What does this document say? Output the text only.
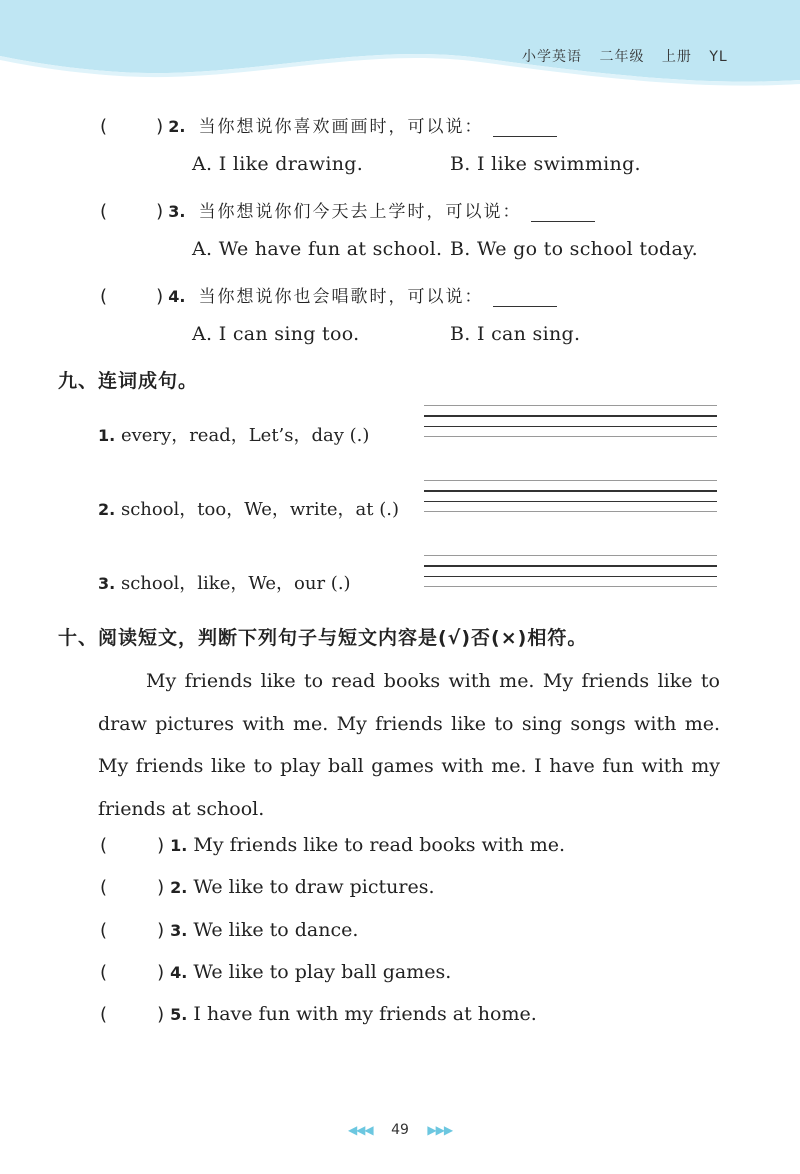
小学英语 二年级 上册 YL
(	) 2. 当你想说你喜欢画画时，可以说：
A. I like drawing.	B. I like swimming.
(	) 3. 当你想说你们今天去上学时，可以说：
A. We have fun at school. B. We go to school today.
(	) 4. 当你想说你也会唱歌时，可以说：
A. I can sing too.	B. I can sing.
九、连词成句。
1. every，read，Let’s，day (.)
2. school，too，We，write，at (.)
3. school，like，We，our (.)
十、阅读短文，判断下列句子与短文内容是(√)否(×)相符。
My friends like to read books with me. My friends like to draw pictures with me. My friends like to sing songs with me. My friends like to play ball games with me. I have fun with my friends at school.
(	) 1. My friends like to read books with me.
(	) 2. We like to draw pictures.
(	) 3. We like to dance.
(	) 4. We like to play ball games.
(	) 5. I have fun with my friends at home.
◀◀◀ 49 ▶▶▶
